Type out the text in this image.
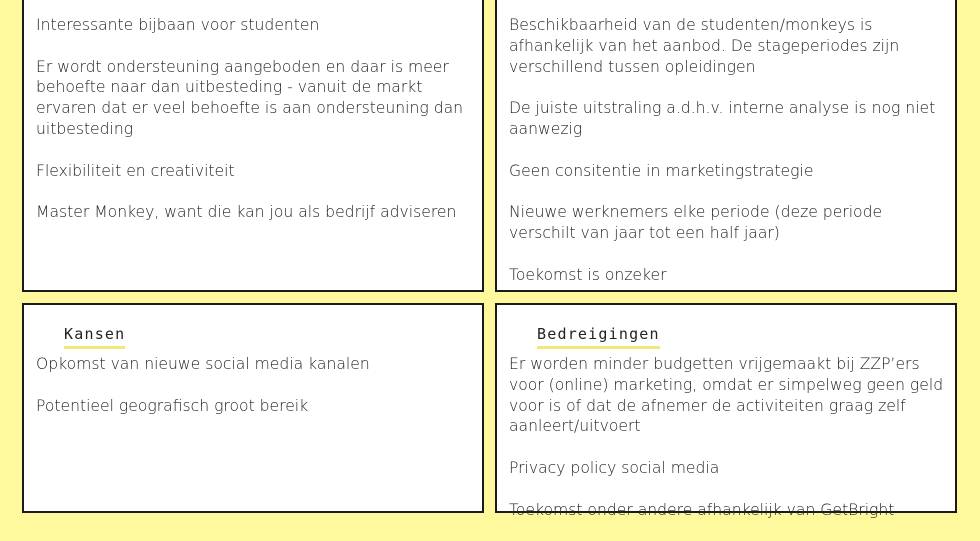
Interessante bijbaan voor studenten

Er wordt ondersteuning aangeboden en daar is meer behoefte naar dan uitbesteding - vanuit de markt ervaren dat er veel behoefte is aan ondersteuning dan uitbesteding

Flexibiliteit en creativiteit

Master Monkey, want die kan jou als bedrijf adviseren

Beschikbaarheid van de studenten/monkeys is afhankelijk van het aanbod. De stageperiodes zijn verschillend tussen opleidingen

De juiste uitstraling a.d.h.v. interne analyse is nog niet aanwezig

Geen consitentie in marketingstrategie

Nieuwe werknemers elke periode (deze periode verschilt van jaar tot een half jaar)

Toekomst is onzeker

Kansen

Opkomst van nieuwe social media kanalen

Potentieel geografisch groot bereik

Bedreigingen

Er worden minder budgetten vrijgemaakt bij ZZP’ers voor (online) marketing, omdat er simpelweg geen geld voor is of dat de afnemer de activiteiten graag zelf aanleert/uitvoert

Privacy policy social media

Toekomst onder andere afhankelijk van GetBright
